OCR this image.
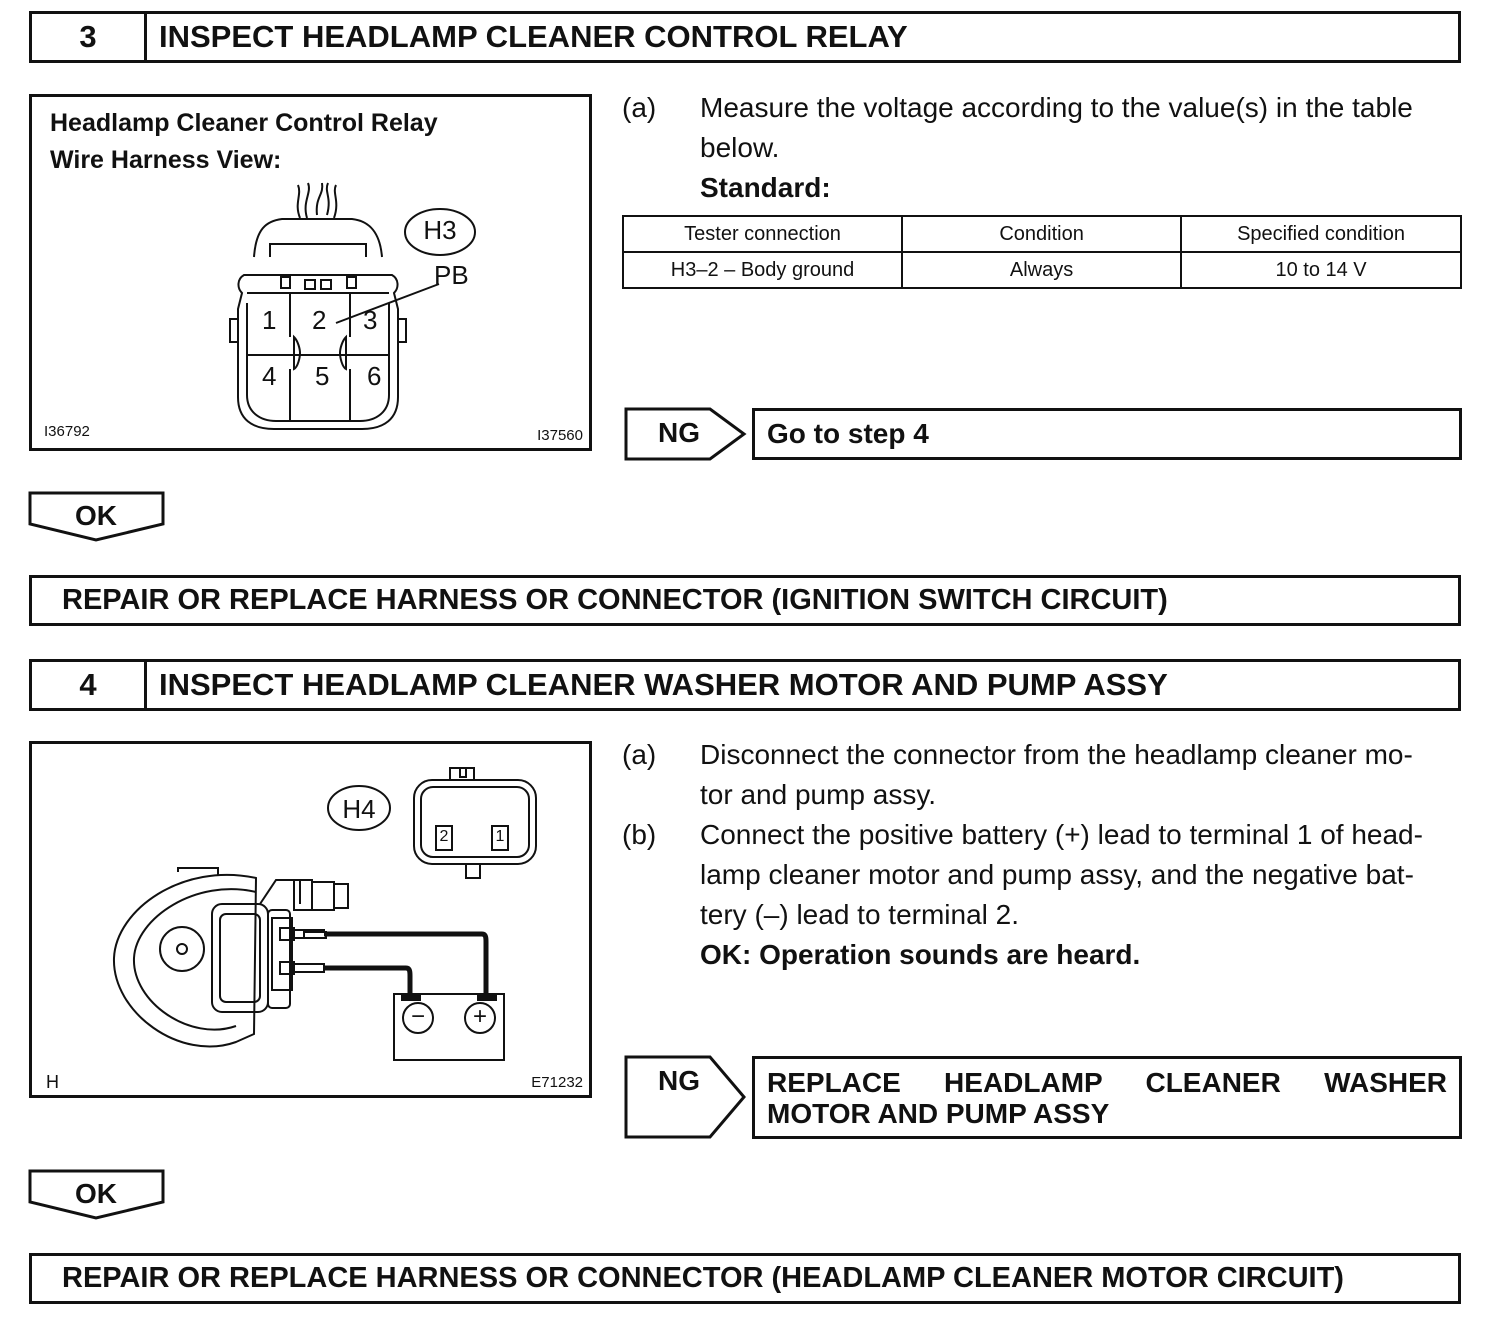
3	INSPECT HEADLAMP CLEANER CONTROL RELAY
Headlamp Cleaner Control Relay
Wire Harness View:
H3
PB
1 2 3
4 5 6
I36792	I37560
(a) Measure the voltage according to the value(s) in the table
below.
Standard:
Tester connection	Condition	Specified condition
H3–2 – Body ground	Always	10 to 14 V
NG	Go to step 4
OK
REPAIR OR REPLACE HARNESS OR CONNECTOR (IGNITION SWITCH CIRCUIT)
4	INSPECT HEADLAMP CLEANER WASHER MOTOR AND PUMP ASSY
H4
2	1
−	+
H	E71232
(a) Disconnect the connector from the headlamp cleaner mo-
tor and pump assy.
(b) Connect the positive battery (+) lead to terminal 1 of head-
lamp cleaner motor and pump assy, and the negative bat-
tery (–) lead to terminal 2.
OK: Operation sounds are heard.
NG	REPLACE HEADLAMP CLEANER WASHER
MOTOR AND PUMP ASSY
OK
REPAIR OR REPLACE HARNESS OR CONNECTOR (HEADLAMP CLEANER MOTOR CIRCUIT)
